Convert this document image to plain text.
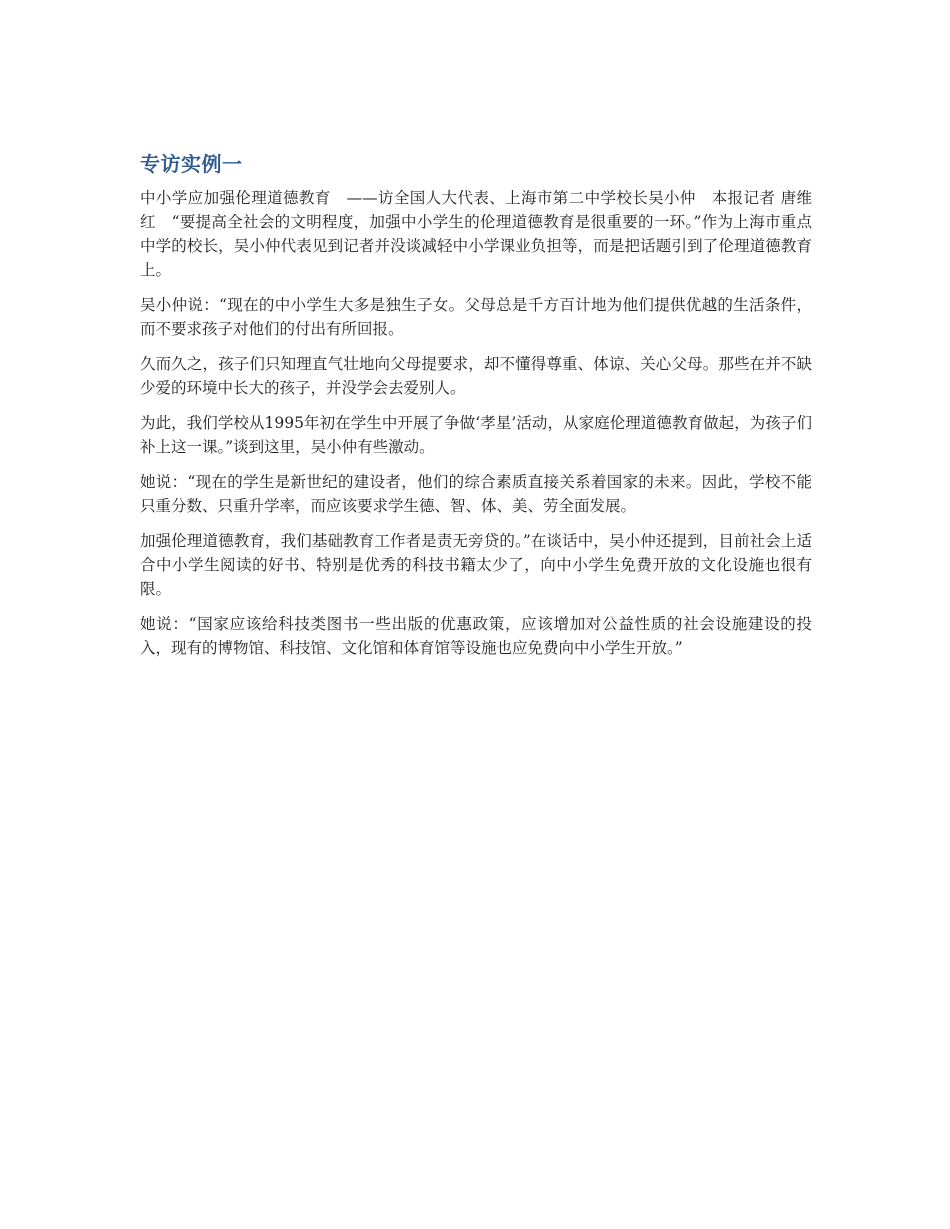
专访实例一

中小学应加强伦理道德教育　——访全国人大代表、上海市第二中学校长吴小仲　本报记者 唐维红　“要提高全社会的文明程度，加强中小学生的伦理道德教育是很重要的一环。”作为上海市重点中学的校长，吴小仲代表见到记者并没谈减轻中小学课业负担等，而是把话题引到了伦理道德教育上。

吴小仲说：“现在的中小学生大多是独生子女。父母总是千方百计地为他们提供优越的生活条件，而不要求孩子对他们的付出有所回报。

久而久之，孩子们只知理直气壮地向父母提要求，却不懂得尊重、体谅、关心父母。那些在并不缺少爱的环境中长大的孩子，并没学会去爱别人。

为此，我们学校从1995年初在学生中开展了争做‘孝星’活动，从家庭伦理道德教育做起，为孩子们补上这一课。”谈到这里，吴小仲有些激动。

她说：“现在的学生是新世纪的建设者，他们的综合素质直接关系着国家的未来。因此，学校不能只重分数、只重升学率，而应该要求学生德、智、体、美、劳全面发展。

加强伦理道德教育，我们基础教育工作者是责无旁贷的。”在谈话中，吴小仲还提到，目前社会上适合中小学生阅读的好书、特别是优秀的科技书籍太少了，向中小学生免费开放的文化设施也很有限。

她说：“国家应该给科技类图书一些出版的优惠政策，应该增加对公益性质的社会设施建设的投入，现有的博物馆、科技馆、文化馆和体育馆等设施也应免费向中小学生开放。”
